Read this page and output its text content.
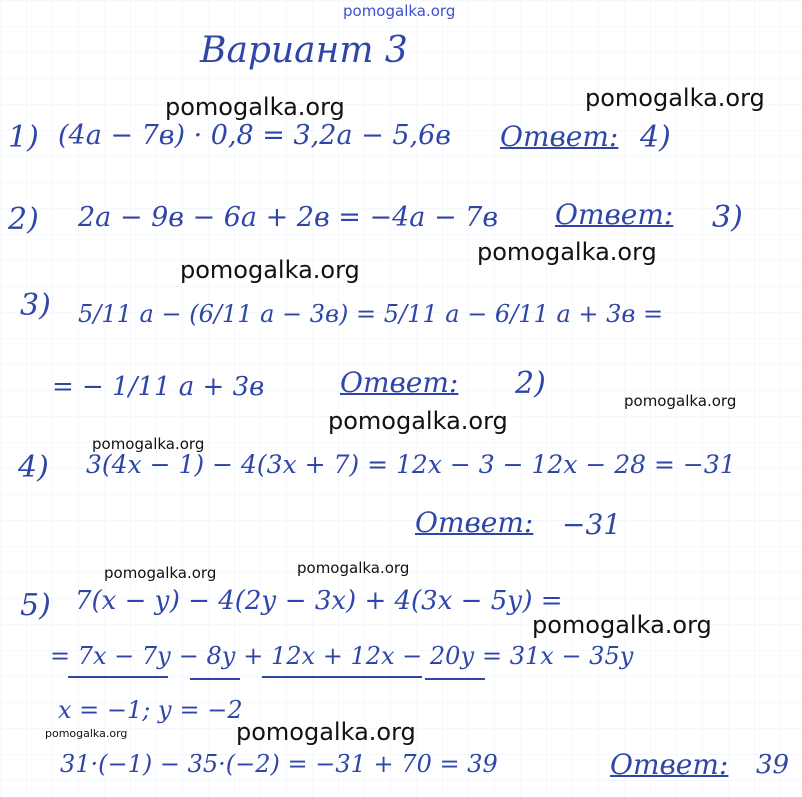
pomogalka.org
Вариант 3
1) (4а − 7в) · 0,8 = 3,2а − 5,6в Ответ: 4)
2) 2а − 9в − 6а + 2в = −4а − 7в Ответ: 3)
3) 5/11 а − (6/11 а − 3в) = 5/11 а − 6/11 а + 3в =
= − 1/11 а + 3в	Ответ: 2)
4) 3(4х − 1) − 4(3х + 7) = 12х − 3 − 12х − 28 = −31
Ответ: −31
5) 7(х − у) − 4(2у − 3х) + 4(3х − 5у) =
= 7х − 7у − 8у + 12х + 12х − 20у = 31х − 35у
х = −1; у = −2
31·(−1) − 35·(−2) = −31 + 70 = 39	Ответ: 39
pomogalka.org	pomogalka.org
pomogalka.org
pomogalka.org
pomogalka.org
pomogalka.org
pomogalka.org
pomogalka.org	pomogalka.org
pomogalka.org
pomogalka.org	pomogalka.org
